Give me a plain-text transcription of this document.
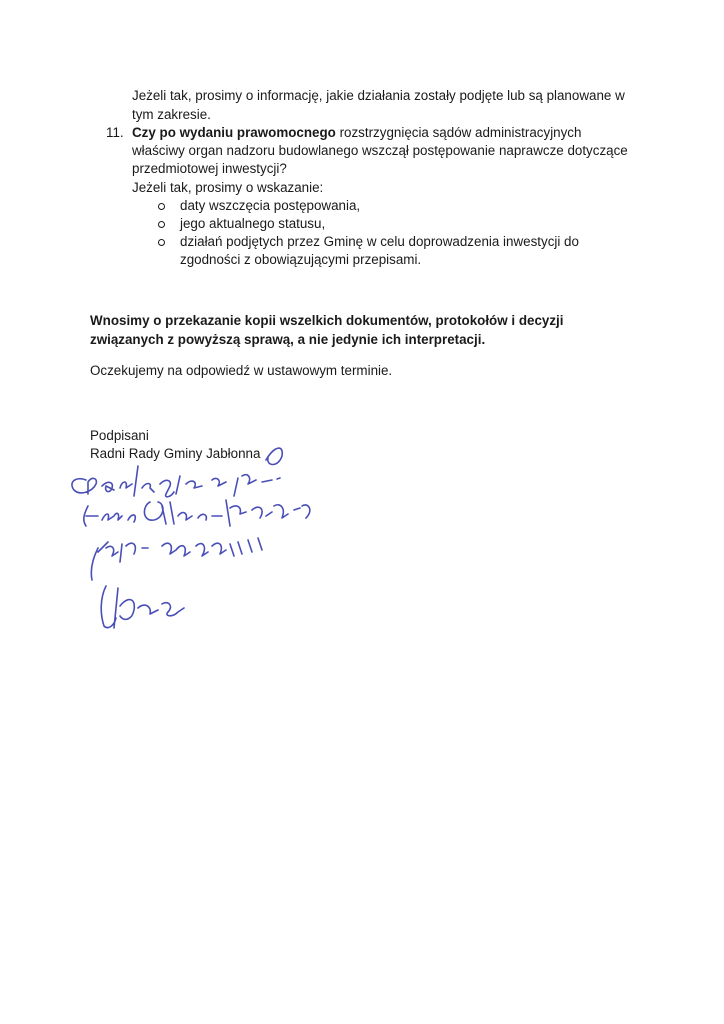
Jeżeli tak, prosimy o informację, jakie działania zostały podjęte lub są planowane w
tym zakresie.
11. Czy po wydaniu prawomocnego rozstrzygnięcia sądów administracyjnych
właściwy organ nadzoru budowlanego wszczął postępowanie naprawcze dotyczące
przedmiotowej inwestycji?
Jeżeli tak, prosimy o wskazanie:
daty wszczęcia postępowania,
jego aktualnego statusu,
działań podjętych przez Gminę w celu doprowadzenia inwestycji do
zgodności z obowiązującymi przepisami.
Wnosimy o przekazanie kopii wszelkich dokumentów, protokołów i decyzji
związanych z powyższą sprawą, a nie jedynie ich interpretacji.
Oczekujemy na odpowiedź w ustawowym terminie.
Podpisani
Radni Rady Gminy Jabłonna
